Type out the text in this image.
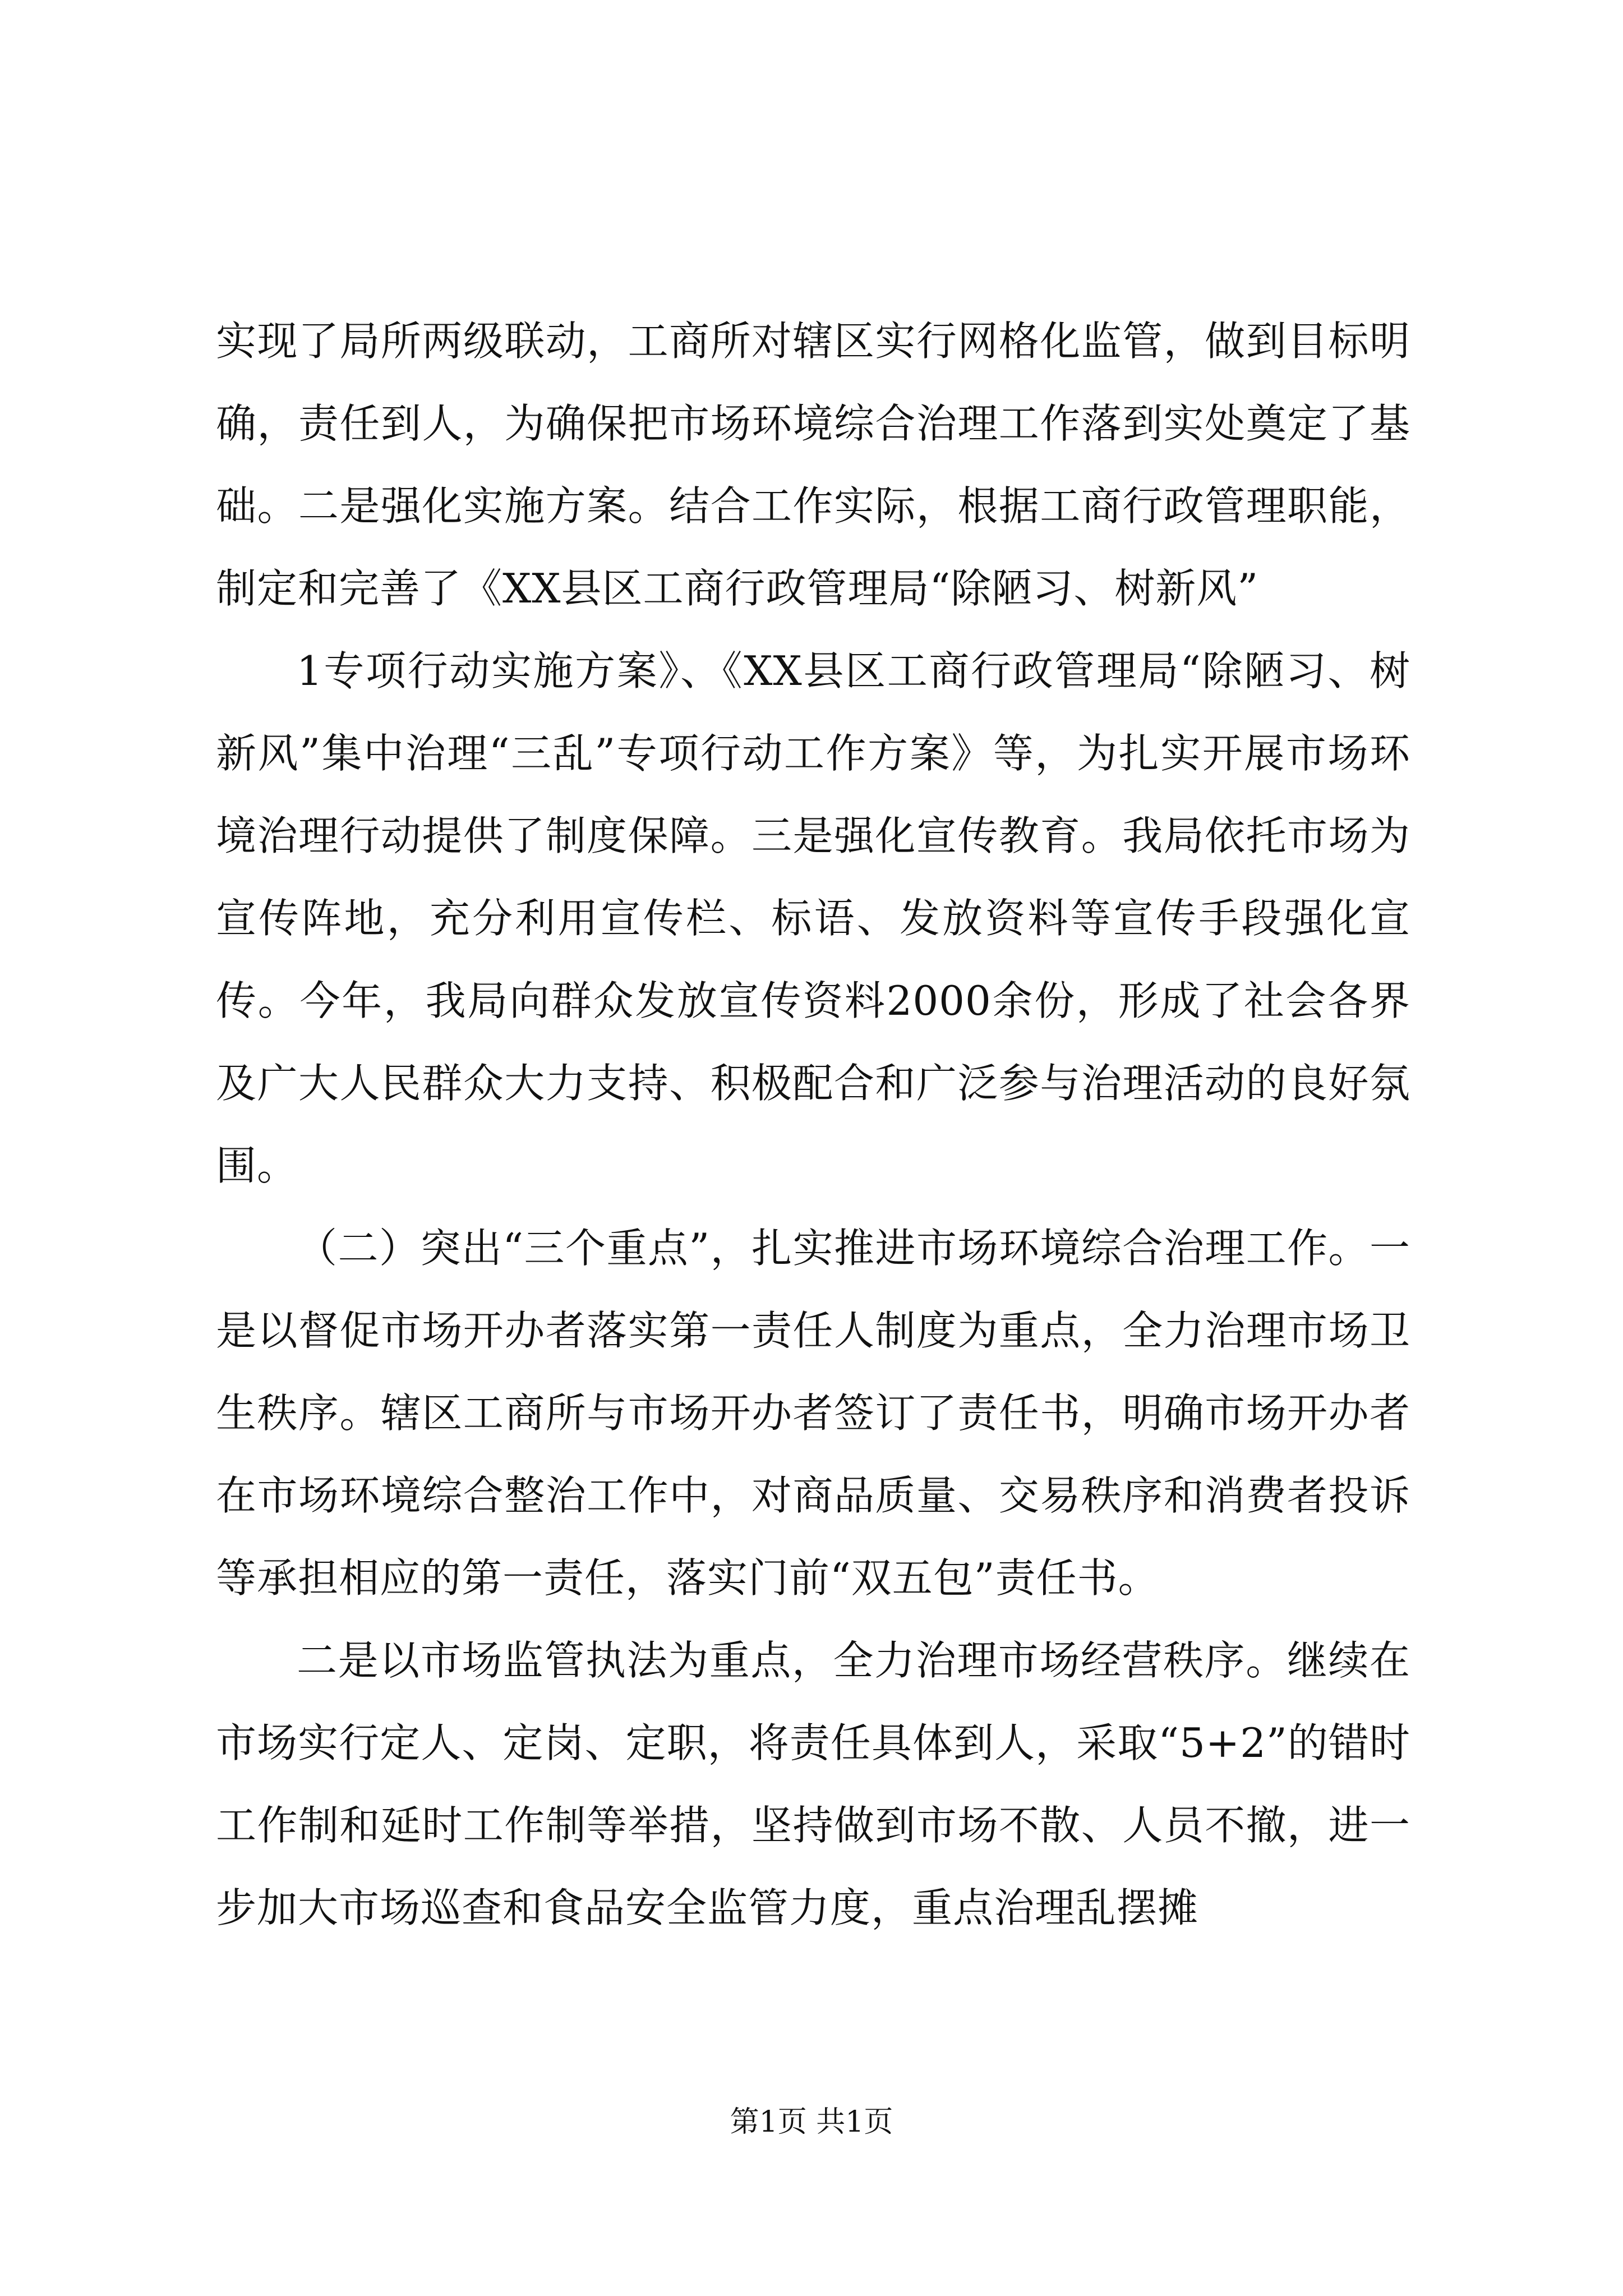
实现了局所两级联动，工商所对辖区实行网格化监管，做到目标明确，责任到人，为确保把市场环境综合治理工作落到实处奠定了基础。二是强化实施方案。结合工作实际，根据工商行政管理职能，制定和完善了《XX县区工商行政管理局“除陋习、树新风”

1专项行动实施方案》、《XX县区工商行政管理局“除陋习、树新风”集中治理“三乱”专项行动工作方案》等，为扎实开展市场环境治理行动提供了制度保障。三是强化宣传教育。我局依托市场为宣传阵地，充分利用宣传栏、标语、发放资料等宣传手段强化宣传。今年，我局向群众发放宣传资料2000余份，形成了社会各界及广大人民群众大力支持、积极配合和广泛参与治理活动的良好氛围。

（二）突出“三个重点”，扎实推进市场环境综合治理工作。一是以督促市场开办者落实第一责任人制度为重点，全力治理市场卫生秩序。辖区工商所与市场开办者签订了责任书，明确市场开办者在市场环境综合整治工作中，对商品质量、交易秩序和消费者投诉等承担相应的第一责任，落实门前“双五包”责任书。

二是以市场监管执法为重点，全力治理市场经营秩序。继续在市场实行定人、定岗、定职，将责任具体到人，采取“5+2”的错时工作制和延时工作制等举措，坚持做到市场不散、人员不撤，进一步加大市场巡查和食品安全监管力度，重点治理乱摆摊

第1页 共1页
